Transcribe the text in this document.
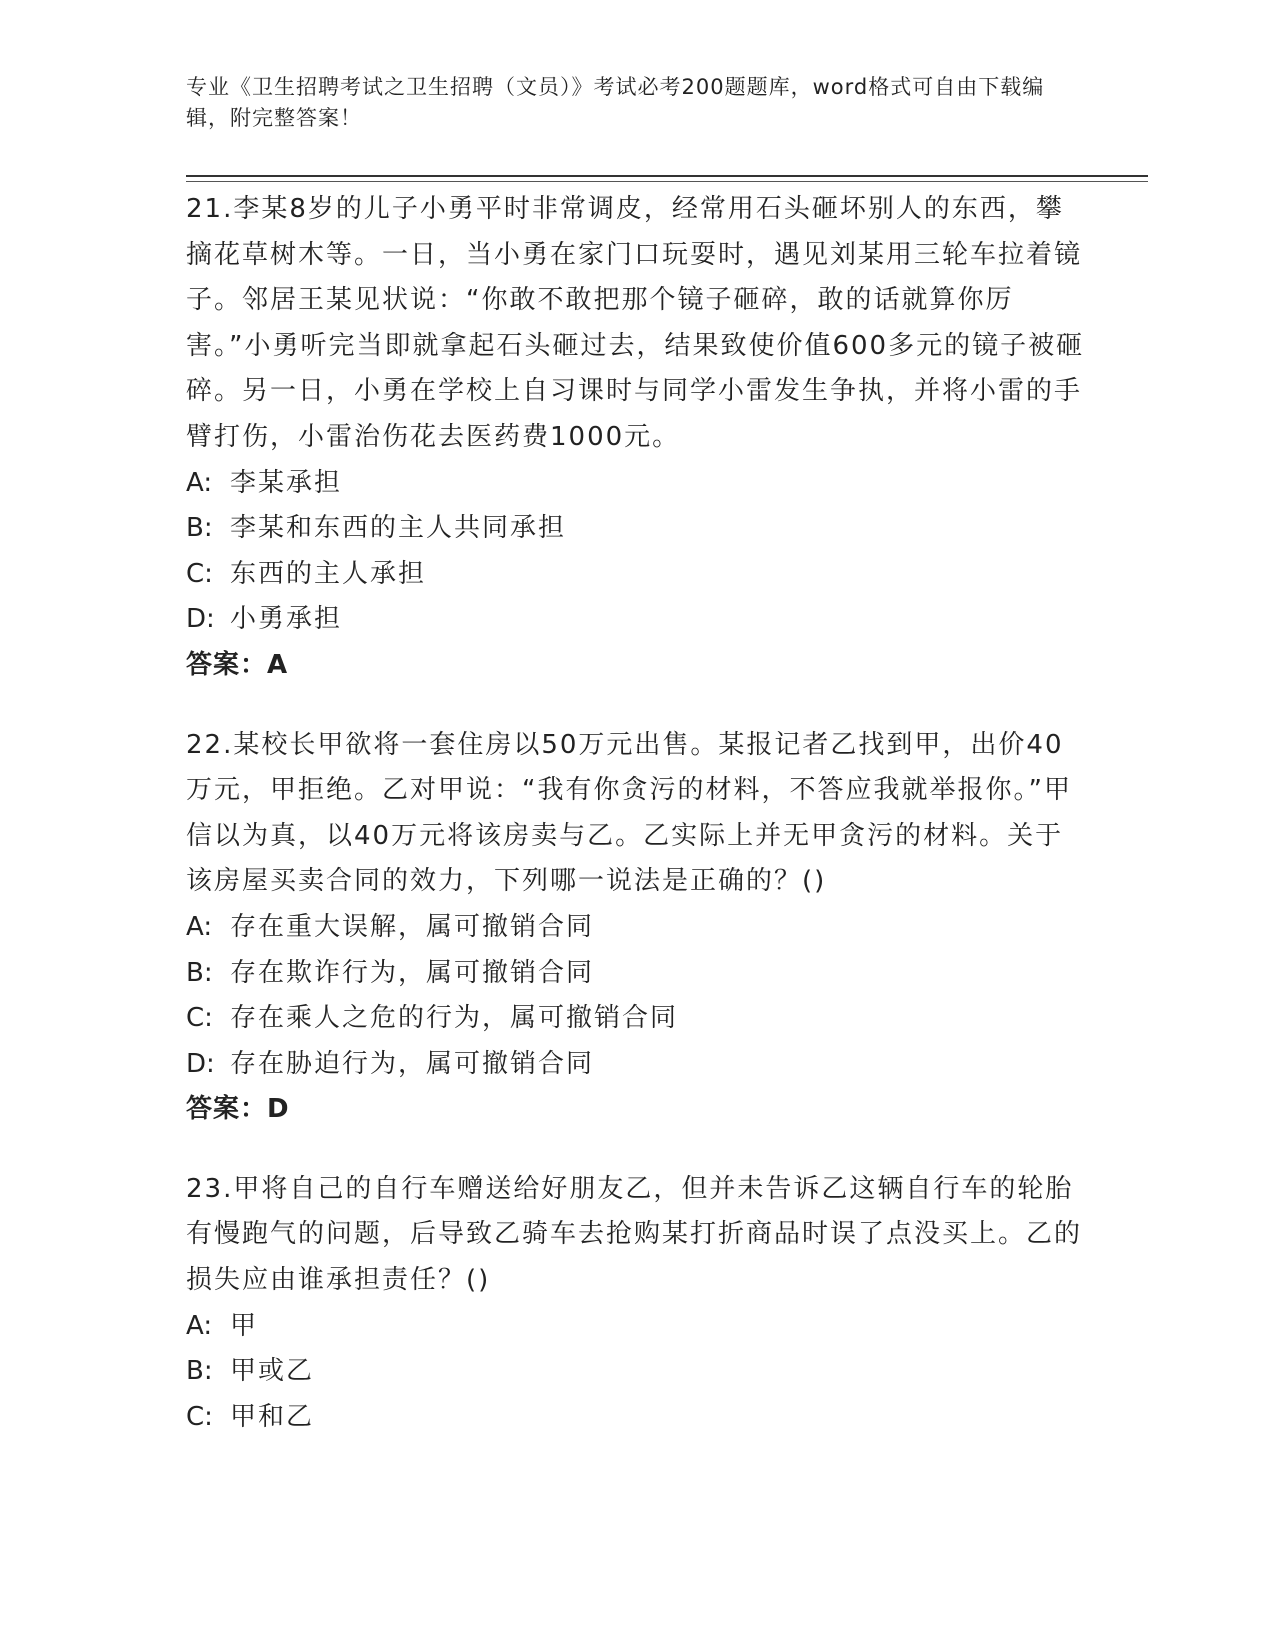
专业《卫生招聘考试之卫生招聘（文员）》考试必考200题题库，word格式可自由下载编辑，附完整答案！

21.李某8岁的儿子小勇平时非常调皮，经常用石头砸坏别人的东西，攀摘花草树木等。一日，当小勇在家门口玩耍时，遇见刘某用三轮车拉着镜子。邻居王某见状说：“你敢不敢把那个镜子砸碎，敢的话就算你厉害。”小勇听完当即就拿起石头砸过去，结果致使价值600多元的镜子被砸碎。另一日，小勇在学校上自习课时与同学小雷发生争执，并将小雷的手臂打伤，小雷治伤花去医药费1000元。

A: 李某承担

B: 李某和东西的主人共同承担

C: 东西的主人承担

D: 小勇承担

答案：A

22.某校长甲欲将一套住房以50万元出售。某报记者乙找到甲，出价40万元，甲拒绝。乙对甲说：“我有你贪污的材料，不答应我就举报你。”甲信以为真，以40万元将该房卖与乙。乙实际上并无甲贪污的材料。关于该房屋买卖合同的效力，下列哪一说法是正确的？()

A: 存在重大误解，属可撤销合同

B: 存在欺诈行为，属可撤销合同

C: 存在乘人之危的行为，属可撤销合同

D: 存在胁迫行为，属可撤销合同

答案：D

23.甲将自己的自行车赠送给好朋友乙，但并未告诉乙这辆自行车的轮胎有慢跑气的问题，后导致乙骑车去抢购某打折商品时误了点没买上。乙的损失应由谁承担责任？()

A: 甲

B: 甲或乙

C: 甲和乙
